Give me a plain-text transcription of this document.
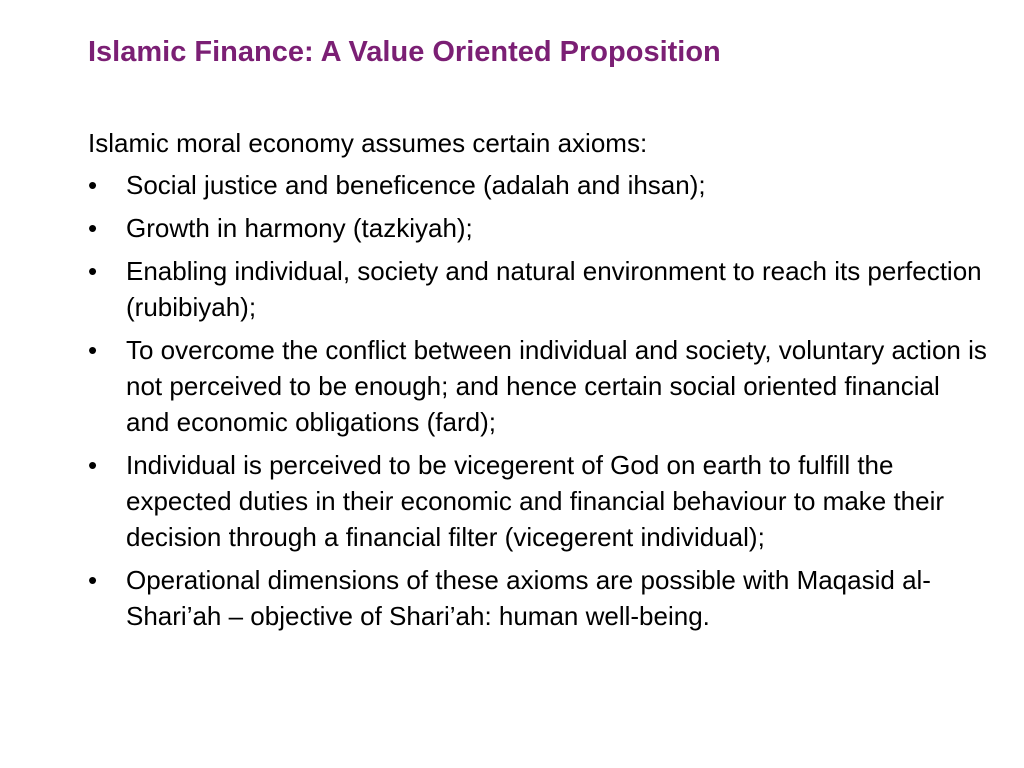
Islamic Finance: A Value Oriented Proposition

Islamic moral economy assumes certain axioms:

•	Social justice and beneficence (adalah and ihsan);
•	Growth in harmony (tazkiyah);
•	Enabling individual, society and natural environment to reach its perfection (rubibiyah);
•	To overcome the conflict between individual and society, voluntary action is not perceived to be enough; and hence certain social oriented financial and economic obligations (fard);
•	Individual is perceived to be vicegerent of God on earth to fulfill the expected duties in their economic and financial behaviour to make their decision through a financial filter (vicegerent individual);
•	Operational dimensions of these axioms are possible with Maqasid al-Shari’ah – objective of Shari’ah: human well-being.
